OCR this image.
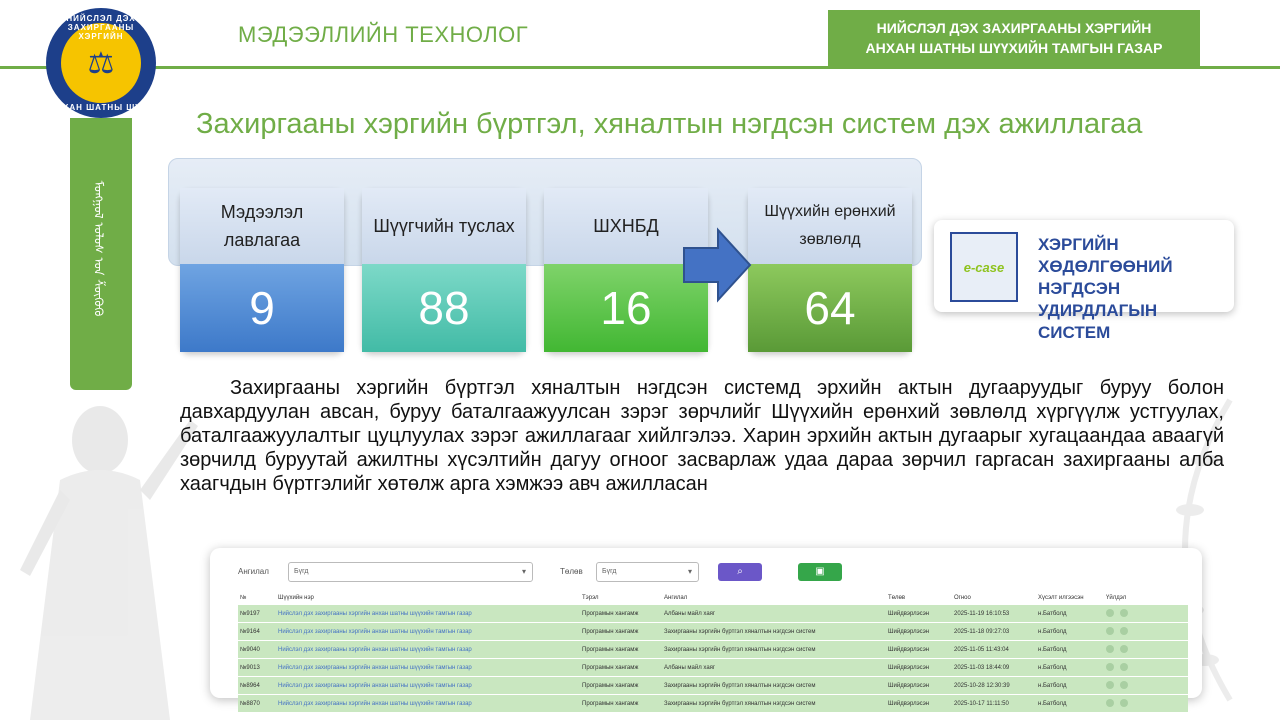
НИЙСЛЭЛ ДЭХ ЗАХИРГААНЫ ХЭРГИЙН
⚖
АНХАН ШАТНЫ ШҮҮХ
МЭДЭЭЛЛИЙН ТЕХНОЛОГ	НИЙСЛЭЛ ДЭХ ЗАХИРГААНЫ ХЭРГИЙН
АНХАН ШАТНЫ ШҮҮХИЙН ТАМГЫН ГАЗАР
ᠮᠣᠩᠭᠣᠯ ᠤᠯᠤᠰ ᠤᠨ ᠱᠦᠭᠦᠬᠦ
Захиргааны хэргийн бүртгэл, хяналтын нэгдсэн систем дэх ажиллагаа
Мэдээлэл лавлагаа
9
Шүүгчийн туслах
88
ШХНБД
16
Шүүхийн ерөнхий зөвлөлд
64
e-case
ХЭРГИЙН ХӨДӨЛГӨӨНИЙ
НЭГДСЭН УДИРДЛАГЫН
СИСТЕМ
Захиргааны хэргийн бүртгэл хяналтын нэгдсэн системд эрхийн актын дугааруудыг буруу болон давхардуулан авсан, буруу баталгаажуулсан зэрэг зөрчлийг Шүүхийн ерөнхий зөвлөлд хүргүүлж устгуулах, баталгаажуулалтыг цуцлуулах зэрэг ажиллагааг хийлгэлээ. Харин эрхийн актын дугаарыг хугацаандаа аваагүй зөрчилд буруутай ажилтны хүсэлтийн дагуу огноог засварлаж удаа дараа зөрчил гаргасан захиргааны алба хаагчдын бүртгэлийг хөтөлж арга хэмжээ авч ажилласан
Ангилал	Бүгд	▾	Төлөв	Бүгд	▾	⌕	▣
№	Шүүхийн нэр	Тэрэл	Ангилал	Төлөв	Огноо	Хүсэлт илгээсэн	Үйлдэл
№9197	Нийслэл дэх захиргааны хэргийн анхан шатны шүүхийн тамгын газар	Програмын хангамж	Албаны майл хаяг	Шийдвэрлэсэн	2025-11-19 16:10:53	н.Батболд	
№9164	Нийслэл дэх захиргааны хэргийн анхан шатны шүүхийн тамгын газар	Програмын хангамж	Захиргааны хэргийн бүртгэл хяналтын нэгдсэн систем	Шийдвэрлэсэн	2025-11-18 09:27:03	н.Батболд	
№9040	Нийслэл дэх захиргааны хэргийн анхан шатны шүүхийн тамгын газар	Програмын хангамж	Захиргааны хэргийн бүртгэл хяналтын нэгдсэн систем	Шийдвэрлэсэн	2025-11-05 11:43:04	н.Батболд	
№9013	Нийслэл дэх захиргааны хэргийн анхан шатны шүүхийн тамгын газар	Програмын хангамж	Албаны майл хаяг	Шийдвэрлэсэн	2025-11-03 18:44:09	н.Батболд	
№8964	Нийслэл дэх захиргааны хэргийн анхан шатны шүүхийн тамгын газар	Програмын хангамж	Захиргааны хэргийн бүртгэл хяналтын нэгдсэн систем	Шийдвэрлэсэн	2025-10-28 12:30:39	н.Батболд	
№8870	Нийслэл дэх захиргааны хэргийн анхан шатны шүүхийн тамгын газар	Програмын хангамж	Захиргааны хэргийн бүртгэл хяналтын нэгдсэн систем	Шийдвэрлэсэн	2025-10-17 11:11:50	н.Батболд	
